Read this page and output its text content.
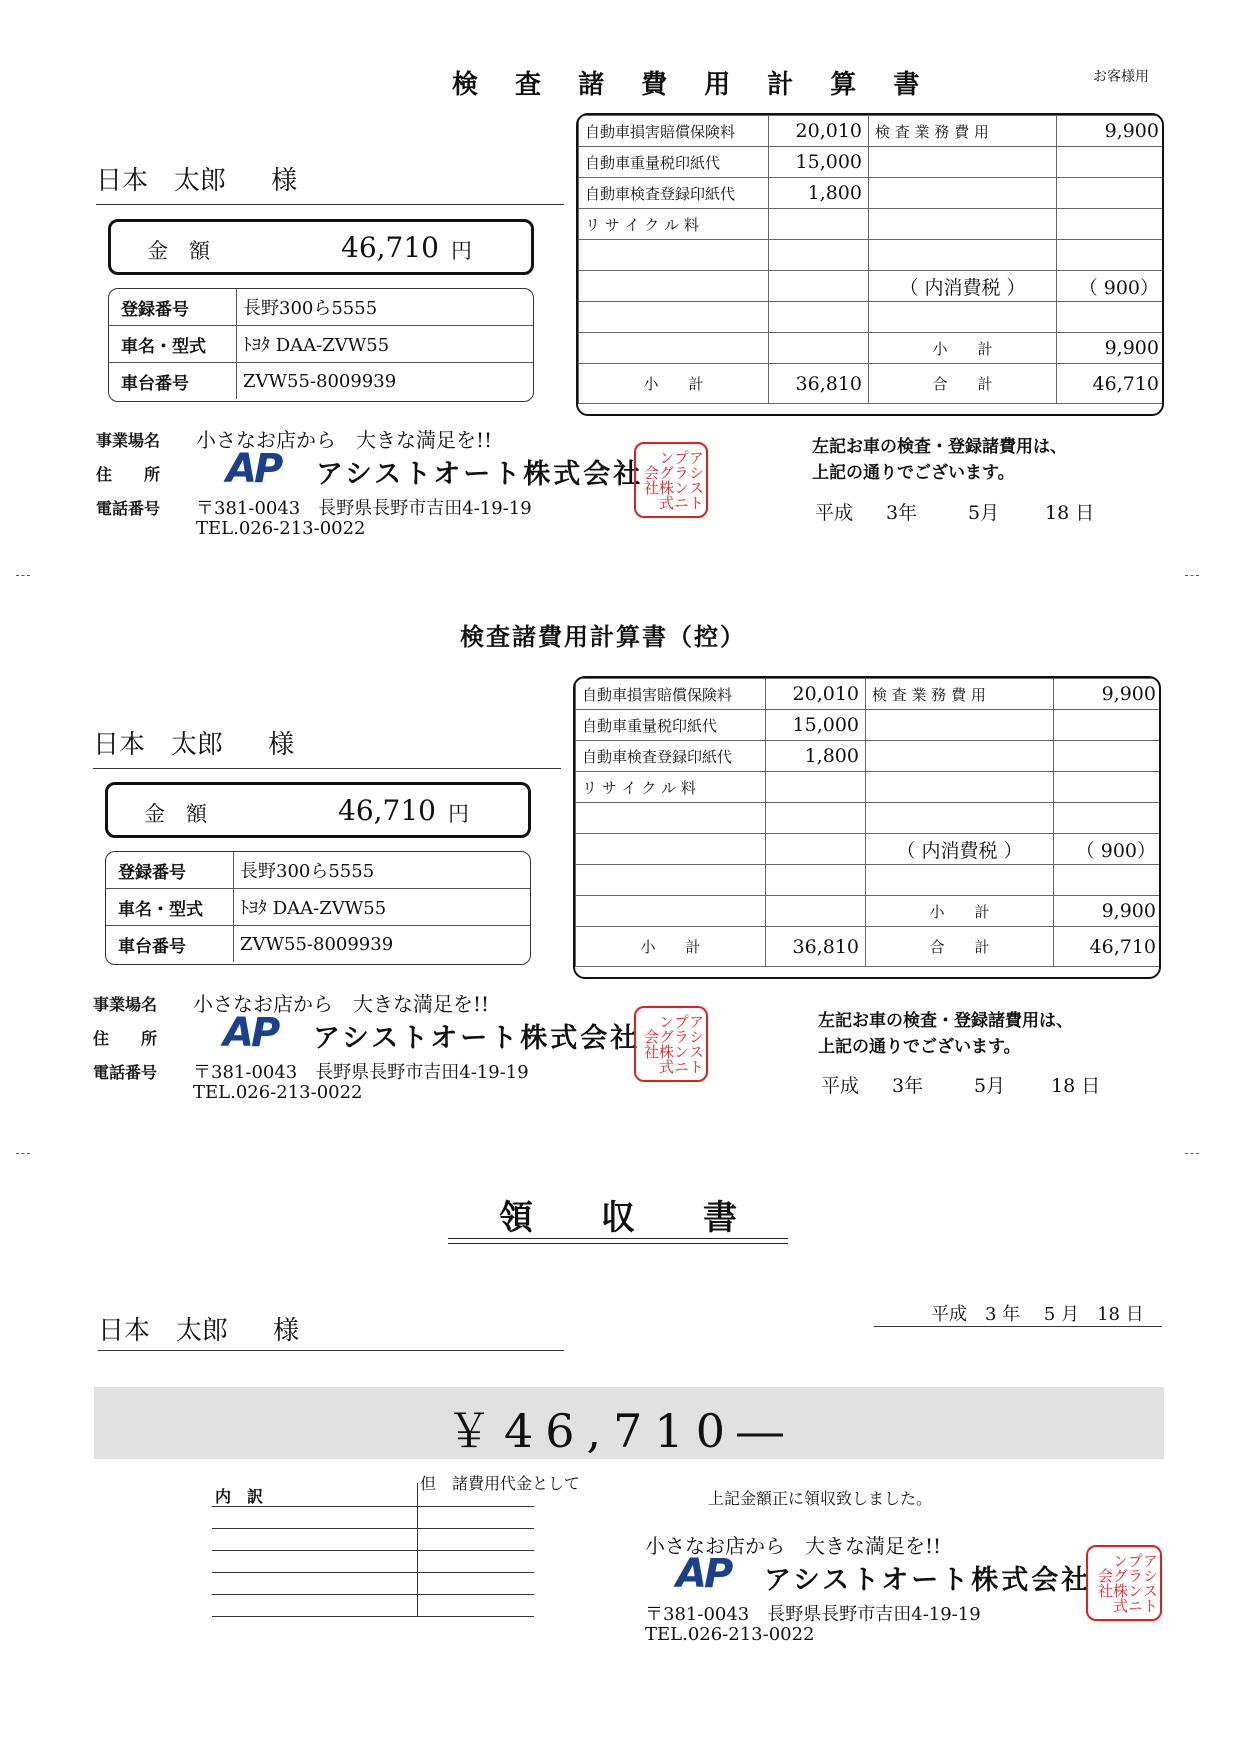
検 査 諸 費 用 計 算 書	お客様用
日本　太郎 様
金　額	46,710 円
登録番号	長野300ら5555
車名・型式	ﾄﾖﾀ DAA-ZVW55
車台番号	ZVW55-8009939
自動車損害賠償保険料	20,010	検 査 業 務 費 用	9,900
自動車重量税印紙代	15,000		
自動車検査登録印紙代	1,800		
リ サ イ ク ル 料			

		（ 内消費税 ）	（ 900）

		小　　計	9,900
小　　計	36,810	合　　計	46,710
事業場名
住　　所
電話番号
小さなお店から　大きな満足を!!
AP アシストオート株式会社	アシストプランニング株式会社
〒381-0043　長野県長野市吉田4-19-19
TEL.026-213-0022
左記お車の検査・登録諸費用は、
上記の通りでございます。
平成 3年	5月 18 日
検査諸費用計算書（控）
日本　太郎 様
金　額	46,710 円
登録番号	長野300ら5555
車名・型式	ﾄﾖﾀ DAA-ZVW55
車台番号	ZVW55-8009939
自動車損害賠償保険料	20,010	検 査 業 務 費 用	9,900
自動車重量税印紙代	15,000		
自動車検査登録印紙代	1,800		
リ サ イ ク ル 料			

		（ 内消費税 ）	（ 900）

		小　　計	9,900
小　　計	36,810	合　　計	46,710
事業場名
住　　所
電話番号
小さなお店から　大きな満足を!!
AP アシストオート株式会社	アシストプランニング株式会社
〒381-0043　長野県長野市吉田4-19-19
TEL.026-213-0022
左記お車の検査・登録諸費用は、
上記の通りでございます。
平成 3年	5月 18 日
領　　収　　書
平成　3 年　 5 月　18 日
日本　太郎 様
￥46,710―
但　諸費用代金として
内　訳

		上記金額正に領収致しました。
小さなお店から　大きな満足を!!
AP アシストオート株式会社	アシストプランニング株式会社
〒381-0043　長野県長野市吉田4-19-19
TEL.026-213-0022
